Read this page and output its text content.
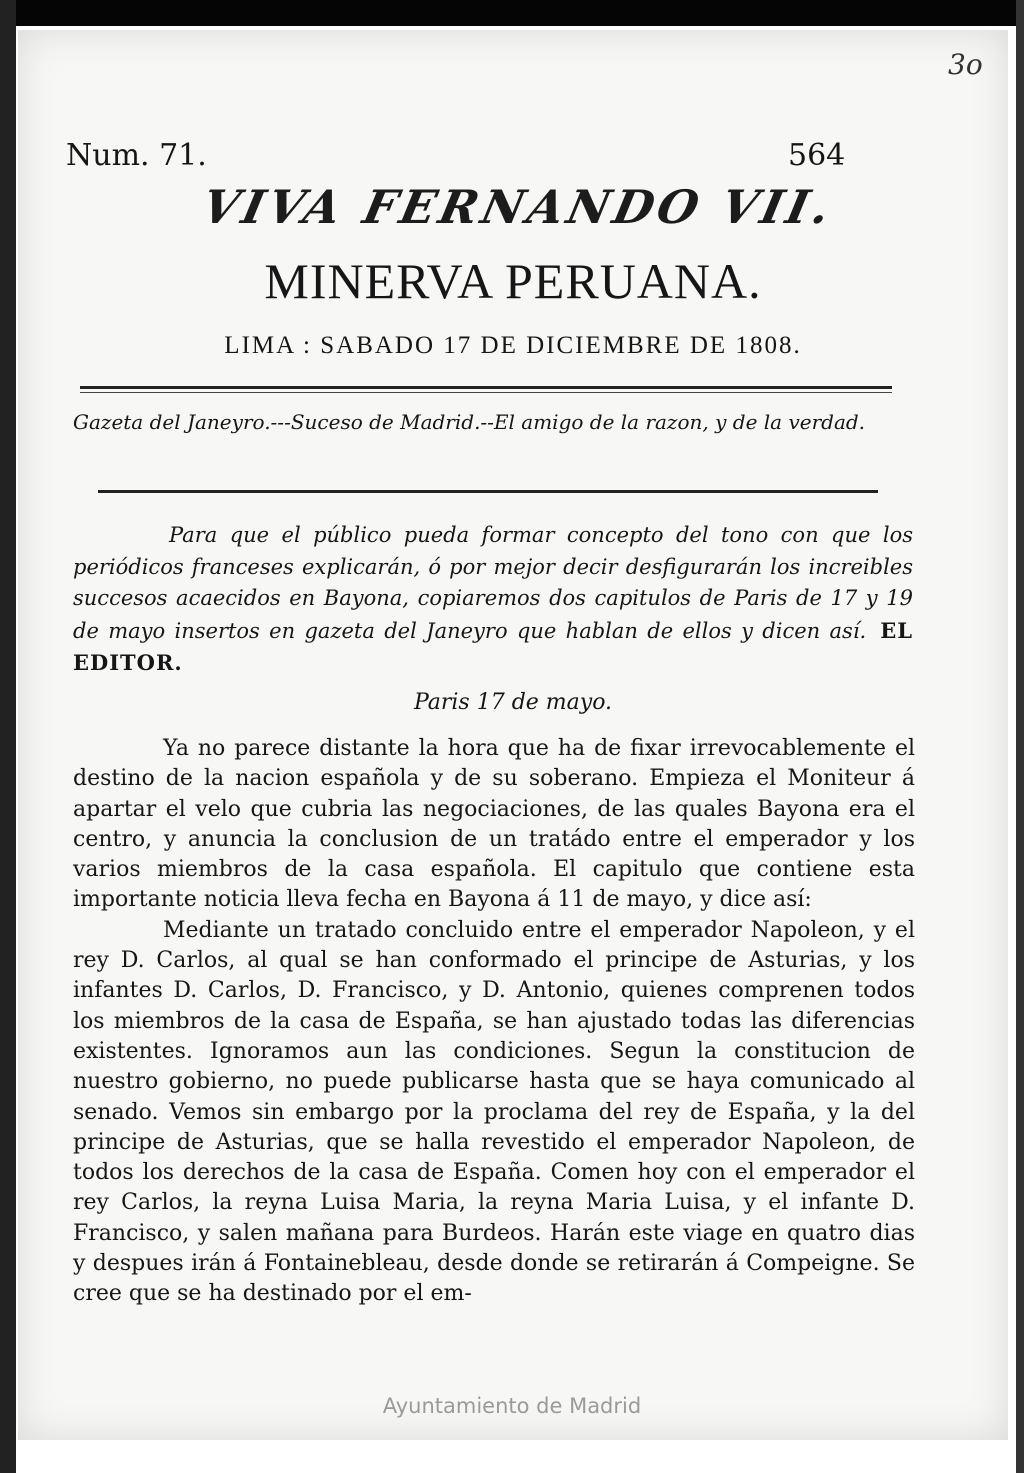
3o
Num. 71.	564
VIVA FERNANDO VII.
MINERVA PERUANA.
LIMA : SABADO 17 DE DICIEMBRE DE 1808.
Gazeta del Janeyro.---Suceso de Madrid.--El amigo de la razon, y de la verdad.
Para que el público pueda formar concepto del tono con que los periódicos franceses explicarán, ó por mejor decir desfigurarán los increibles succesos acaecidos en Bayona, copiaremos dos capitulos de Paris de 17 y 19 de mayo insertos en gazeta del Janeyro que hablan de ellos y dicen así. EL EDITOR.
Paris 17 de mayo.

Ya no parece distante la hora que ha de fixar irrevocablemente el destino de la nacion española y de su soberano. Empieza el Moniteur á apartar el velo que cubria las negociaciones, de las quales Bayona era el centro, y anuncia la conclusion de un tratádo entre el emperador y los varios miembros de la casa española. El capitulo que contiene esta importante noticia lleva fecha en Bayona á 11 de mayo, y dice así:

Mediante un tratado concluido entre el emperador Napoleon, y el rey D. Carlos, al qual se han conformado el principe de Asturias, y los infantes D. Carlos, D. Francisco, y D. Antonio, quienes comprenen todos los miembros de la casa de España, se han ajustado todas las diferencias existentes. Ignoramos aun las condiciones. Segun la constitucion de nuestro gobierno, no puede publicarse hasta que se haya comunicado al senado. Vemos sin embargo por la proclama del rey de España, y la del principe de Asturias, que se halla revestido el emperador Napoleon, de todos los derechos de la casa de España. Comen hoy con el emperador el rey Carlos, la reyna Luisa Maria, la reyna Maria Luisa, y el infante D. Francisco, y salen mañana para Burdeos. Harán este viage en quatro dias y despues irán á Fontainebleau, desde donde se retirarán á Compeigne. Se cree que se ha destinado por el em-

Ayuntamiento de Madrid
